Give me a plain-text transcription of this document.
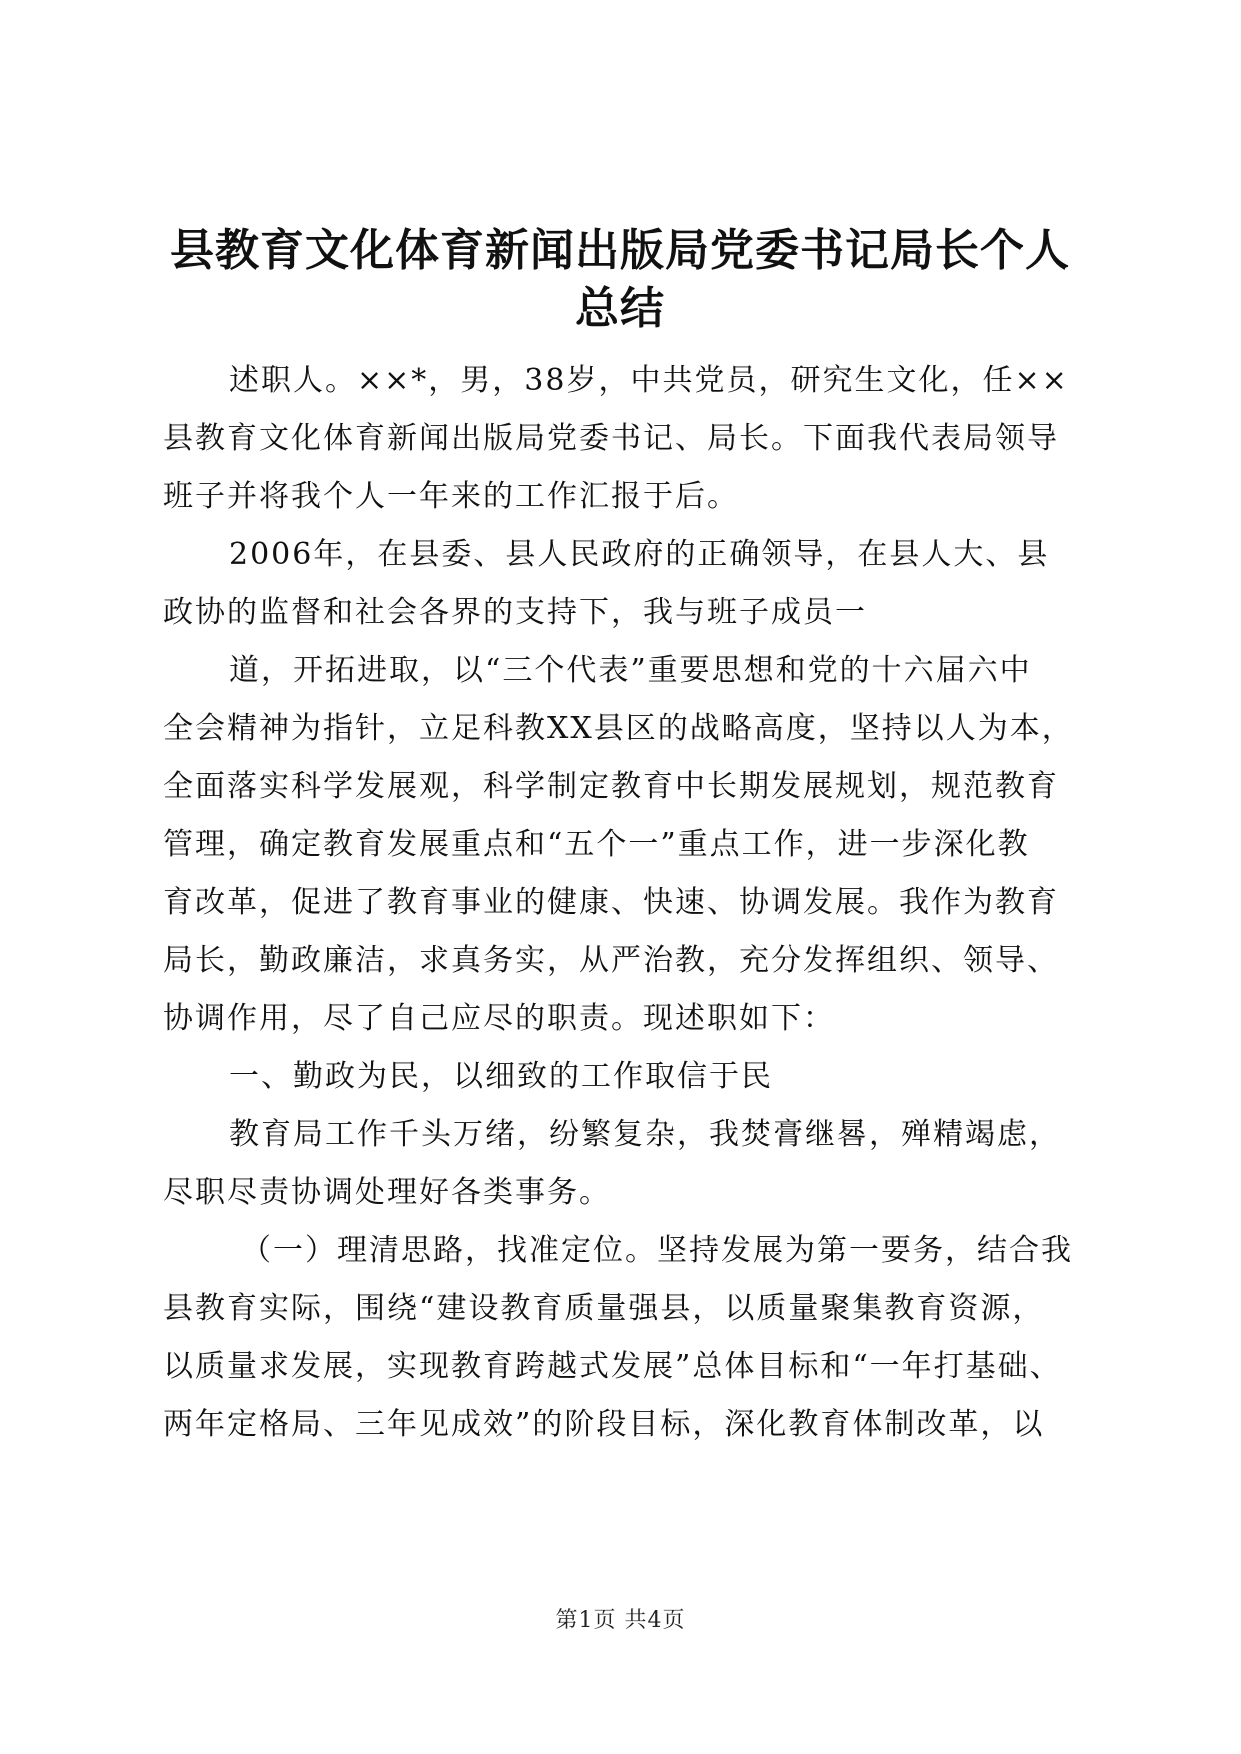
县教育文化体育新闻出版局党委书记局长个人
总结
述职人。××*，男，38岁，中共党员，研究生文化，任××
县教育文化体育新闻出版局党委书记、局长。下面我代表局领导
班子并将我个人一年来的工作汇报于后。
2006年，在县委、县人民政府的正确领导，在县人大、县
政协的监督和社会各界的支持下，我与班子成员一
道，开拓进取，以“三个代表”重要思想和党的十六届六中
全会精神为指针，立足科教XX县区的战略高度，坚持以人为本，
全面落实科学发展观，科学制定教育中长期发展规划，规范教育
管理，确定教育发展重点和“五个一”重点工作，进一步深化教
育改革，促进了教育事业的健康、快速、协调发展。我作为教育
局长，勤政廉洁，求真务实，从严治教，充分发挥组织、领导、
协调作用，尽了自己应尽的职责。现述职如下：
一、勤政为民，以细致的工作取信于民
教育局工作千头万绪，纷繁复杂，我焚膏继晷，殚精竭虑，
尽职尽责协调处理好各类事务。
（一）理清思路，找准定位。坚持发展为第一要务，结合我
县教育实际，围绕“建设教育质量强县，以质量聚集教育资源，
以质量求发展，实现教育跨越式发展”总体目标和“一年打基础、
两年定格局、三年见成效”的阶段目标，深化教育体制改革，以
第1页 共4页
